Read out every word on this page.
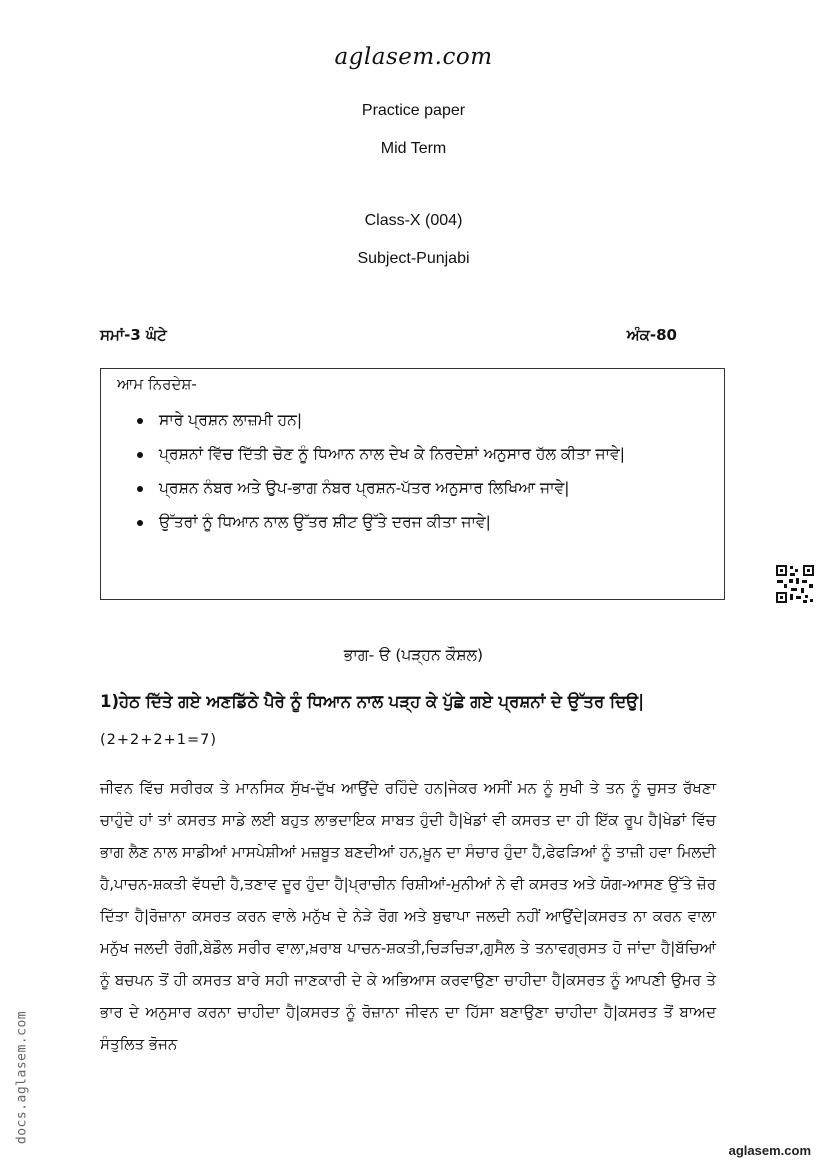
aglasem.com
Practice paper
Mid Term
Class-X (004)
Subject-Punjabi
ਸਮਾਂ-3 ਘੰਟੇ	ਅੰਕ-80
ਆਮ ਨਿਰਦੇਸ਼-
ਸਾਰੇ ਪ੍ਰਸ਼ਨ ਲਾਜ਼ਮੀ ਹਨ|
ਪ੍ਰਸ਼ਨਾਂ ਵਿੱਚ ਦਿੱਤੀ ਚੋਣ ਨੂੰ ਧਿਆਨ ਨਾਲ ਦੇਖ ਕੇ ਨਿਰਦੇਸ਼ਾਂ ਅਨੁਸਾਰ ਹੱਲ ਕੀਤਾ ਜਾਵੇ|
ਪ੍ਰਸ਼ਨ ਨੰਬਰ ਅਤੇ ਉਪ-ਭਾਗ ਨੰਬਰ ਪ੍ਰਸ਼ਨ-ਪੱਤਰ ਅਨੁਸਾਰ ਲਿਖਿਆ ਜਾਵੇ|
ਉੱਤਰਾਂ ਨੂੰ ਧਿਆਨ ਨਾਲ ਉੱਤਰ ਸ਼ੀਟ ਉੱਤੇ ਦਰਜ ਕੀਤਾ ਜਾਵੇ|
ਭਾਗ- ੳ (ਪੜ੍ਹਨ ਕੌਸ਼ਲ)
1)ਹੇਠ ਦਿੱਤੇ ਗਏ ਅਣਡਿੱਠੇ ਪੈਰੇ ਨੂੰ ਧਿਆਨ ਨਾਲ ਪੜ੍ਹ ਕੇ ਪੁੱਛੇ ਗਏ ਪ੍ਰਸ਼ਨਾਂ ਦੇ ਉੱਤਰ ਦਿਉ|
(2+2+2+1=7)
ਜੀਵਨ ਵਿੱਚ ਸਰੀਰਕ ਤੇ ਮਾਨਸਿਕ ਸੁੱਖ-ਦੁੱਖ ਆਉਂਦੇ ਰਹਿੰਦੇ ਹਨ|ਜੇਕਰ ਅਸੀਂ ਮਨ ਨੂੰ ਸੁਖੀ ਤੇ ਤਨ ਨੂੰ ਚੁਸਤ ਰੱਖਣਾ ਚਾਹੁੰਦੇ ਹਾਂ ਤਾਂ ਕਸਰਤ ਸਾਡੇ ਲਈ ਬਹੁਤ ਲਾਭਦਾਇਕ ਸਾਬਤ ਹੁੰਦੀ ਹੈ|ਖੇਡਾਂ ਵੀ ਕਸਰਤ ਦਾ ਹੀ ਇੱਕ ਰੂਪ ਹੈ|ਖੇਡਾਂ ਵਿੱਚ ਭਾਗ ਲੈਣ ਨਾਲ ਸਾਡੀਆਂ ਮਾਸਪੇਸ਼ੀਆਂ ਮਜ਼ਬੂਤ ਬਣਦੀਆਂ ਹਨ,ਖ਼ੂਨ ਦਾ ਸੰਚਾਰ ਹੁੰਦਾ ਹੈ,ਫੇਫੜਿਆਂ ਨੂੰ ਤਾਜ਼ੀ ਹਵਾ ਮਿਲਦੀ ਹੈ,ਪਾਚਨ-ਸ਼ਕਤੀ ਵੱਧਦੀ ਹੈ,ਤਣਾਵ ਦੂਰ ਹੁੰਦਾ ਹੈ|ਪ੍ਰਾਚੀਨ ਰਿਸ਼ੀਆਂ-ਮੁਨੀਆਂ ਨੇ ਵੀ ਕਸਰਤ ਅਤੇ ਯੋਗ-ਆਸਣ ਉੱਤੇ ਜ਼ੋਰ ਦਿੱਤਾ ਹੈ|ਰੋਜ਼ਾਨਾ ਕਸਰਤ ਕਰਨ ਵਾਲੇ ਮਨੁੱਖ ਦੇ ਨੇੜੇ ਰੋਗ ਅਤੇ ਬੁਢਾਪਾ ਜਲਦੀ ਨਹੀਂ ਆਉਂਦੇ|ਕਸਰਤ ਨਾ ਕਰਨ ਵਾਲਾ ਮਨੁੱਖ ਜਲਦੀ ਰੋਗੀ,ਬੇਡੌਲ ਸਰੀਰ ਵਾਲਾ,ਖ਼ਰਾਬ ਪਾਚਨ-ਸ਼ਕਤੀ,ਚਿੜਚਿੜਾ,ਗੁਸੈਲ ਤੇ ਤਨਾਵਗ੍ਰਸਤ ਹੋ ਜਾਂਦਾ ਹੈ|ਬੱਚਿਆਂ ਨੂੰ ਬਚਪਨ ਤੋਂ ਹੀ ਕਸਰਤ ਬਾਰੇ ਸਹੀ ਜਾਣਕਾਰੀ ਦੇ ਕੇ ਅਭਿਆਸ ਕਰਵਾਉਣਾ ਚਾਹੀਦਾ ਹੈ|ਕਸਰਤ ਨੂੰ ਆਪਣੀ ਉਮਰ ਤੇ ਭਾਰ ਦੇ ਅਨੁਸਾਰ ਕਰਨਾ ਚਾਹੀਦਾ ਹੈ|ਕਸਰਤ ਨੂੰ ਰੋਜ਼ਾਨਾ ਜੀਵਨ ਦਾ ਹਿੱਸਾ ਬਣਾਉਣਾ ਚਾਹੀਦਾ ਹੈ|ਕਸਰਤ ਤੋਂ ਬਾਅਦ ਸੰਤੁਲਿਤ ਭੋਜਨ
docs.aglasem.com
aglasem.com
